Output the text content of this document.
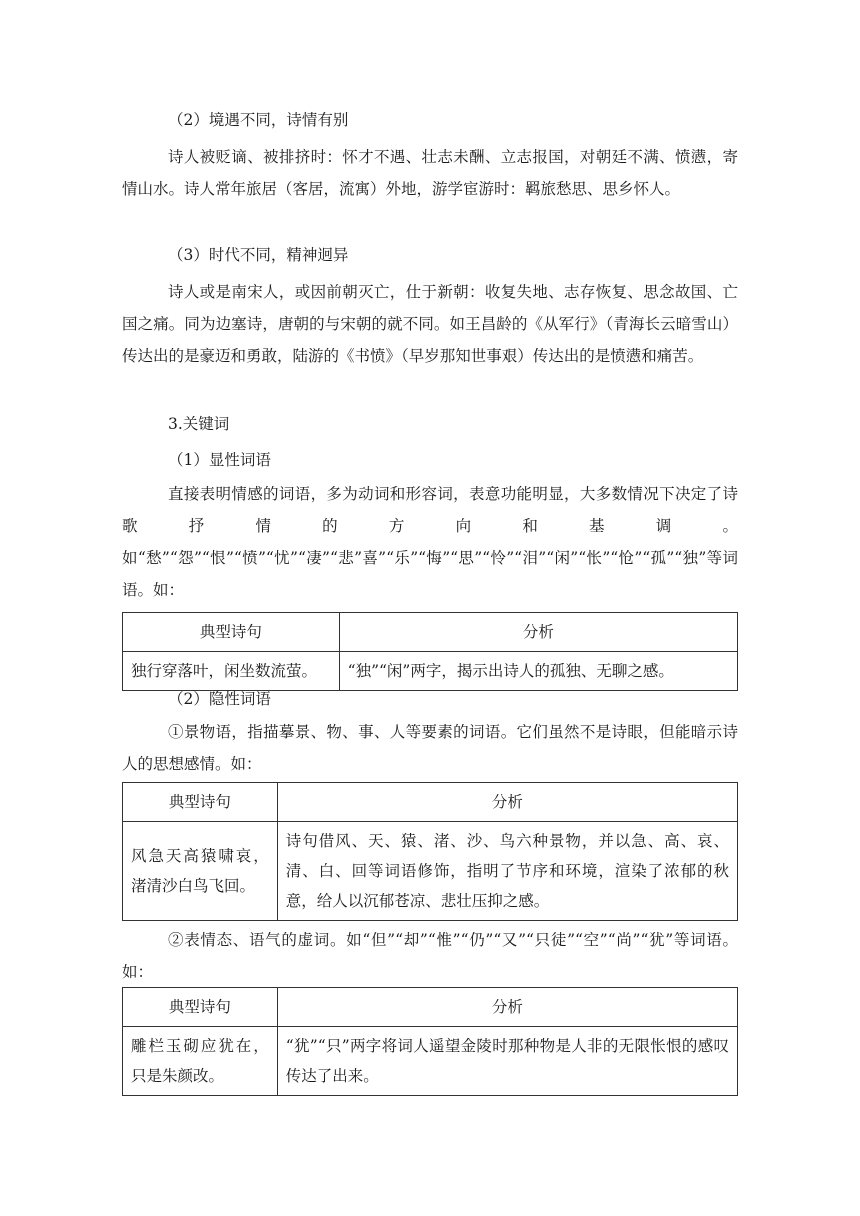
（2）境遇不同，诗情有别

诗人被贬谪、被排挤时：怀才不遇、壮志未酬、立志报国，对朝廷不满、愤懑，寄情山水。诗人常年旅居（客居，流寓）外地，游学宦游时：羁旅愁思、思乡怀人。

（3）时代不同，精神迥异

诗人或是南宋人，或因前朝灭亡，仕于新朝：收复失地、志存恢复、思念故国、亡国之痛。同为边塞诗，唐朝的与宋朝的就不同。如王昌龄的《从军行》（青海长云暗雪山）传达出的是豪迈和勇敢，陆游的《书愤》（早岁那知世事艰）传达出的是愤懑和痛苦。

3.关键词

（1）显性词语

直接表明情感的词语，多为动词和形容词，表意功能明显，大多数情况下决定了诗歌抒情的方向和基调。如“愁”“怨”“恨”“愤”“忧”“凄”“悲”喜”“乐”“悔”“思”“怜”“泪”“闲”“怅”“怆”“孤”“独”等词语。如：

典型诗句	分析
独行穿落叶，闲坐数流萤。	“独”“闲”两字，揭示出诗人的孤独、无聊之感。

（2）隐性词语

①景物语，指描摹景、物、事、人等要素的词语。它们虽然不是诗眼，但能暗示诗人的思想感情。如：

典型诗句	分析
风急天高猿啸哀，渚清沙白鸟飞回。	诗句借风、天、猿、渚、沙、鸟六种景物，并以急、高、哀、清、白、回等词语修饰，指明了节序和环境，渲染了浓郁的秋意，给人以沉郁苍凉、悲壮压抑之感。

②表情态、语气的虚词。如“但”“却”“惟”“仍”“又”“只徒”“空”“尚”“犹”等词语。如：

典型诗句	分析
雕栏玉砌应犹在，只是朱颜改。	“犹”“只”两字将词人遥望金陵时那种物是人非的无限怅恨的感叹传达了出来。
